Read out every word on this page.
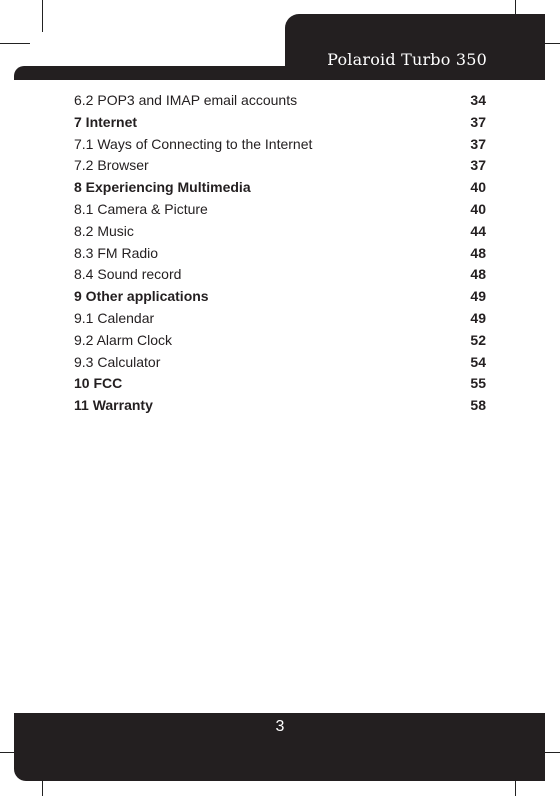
Polaroid Turbo 350
6.2 POP3 and IMAP email accounts	34
7 Internet	37
7.1 Ways of Connecting to the Internet	37
7.2 Browser	37
8 Experiencing Multimedia	40
8.1 Camera & Picture	40
8.2 Music	44
8.3 FM Radio	48
8.4 Sound record	48
9 Other applications	49
9.1 Calendar	49
9.2 Alarm Clock	52
9.3 Calculator	54
10 FCC	55
11 Warranty	58
3
